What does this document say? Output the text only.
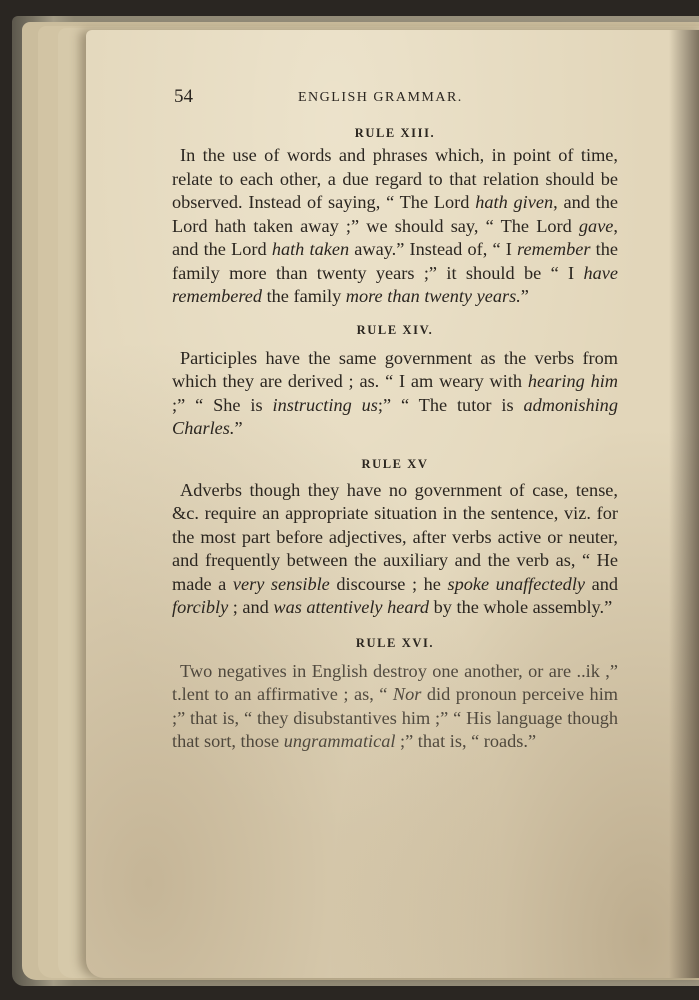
54	ENGLISH GRAMMAR.
RULE XIII.

In the use of words and phrases which, in point of time, relate to each other, a due regard to that relation should be observed. Instead of saying, “ The Lord hath given, and the Lord hath taken away ;” we should say, “ The Lord gave, and the Lord hath taken away.” Instead of, “ I remember the family more than twenty years ;” it should be “ I have remembered the family more than twenty years.”

RULE XIV.

Participles have the same government as the verbs from which they are derived ; as. “ I am weary with hearing him ;” “ She is instructing us;” “ The tutor is admonishing Charles.”

RULE XV

Adverbs though they have no government of case, tense, &c. require an appropriate situation in the sentence, viz. for the most part before adjectives, after verbs active or neuter, and frequently between the auxiliary and the verb as, “ He made a very sensible discourse ; he spoke unaffectedly and forcibly ; and was attentively heard by the whole assembly.”

RULE XVI.

Two negatives in English destroy one another, or are ..ik ,” t.lent to an affirmative ; as, “ Nor did pronoun perceive him ;” that is, “ they disubstantives him ;” “ His language though that sort, those ungrammatical ;” that is, “ roads.”
